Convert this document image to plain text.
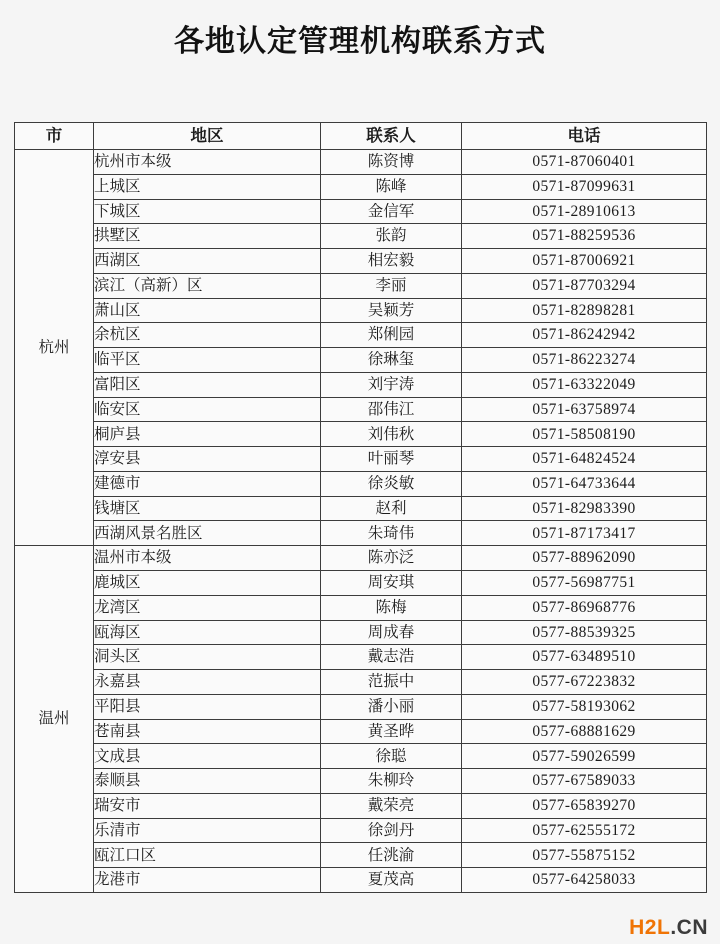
各地认定管理机构联系方式
市	地区	联系人	电话
杭州	杭州市本级	陈资博	0571-87060401
	上城区	陈峰	0571-87099631
	下城区	金信军	0571-28910613
	拱墅区	张韵	0571-88259536
	西湖区	相宏毅	0571-87006921
	滨江（高新）区	李丽	0571-87703294
	萧山区	吴颖芳	0571-82898281
	余杭区	郑俐园	0571-86242942
	临平区	徐琳玺	0571-86223274
	富阳区	刘宇涛	0571-63322049
	临安区	邵伟江	0571-63758974
	桐庐县	刘伟秋	0571-58508190
	淳安县	叶丽琴	0571-64824524
	建德市	徐炎敏	0571-64733644
	钱塘区	赵利	0571-82983390
	西湖风景名胜区	朱琦伟	0571-87173417
温州	温州市本级	陈亦泛	0577-88962090
	鹿城区	周安琪	0577-56987751
	龙湾区	陈梅	0577-86968776
	瓯海区	周成春	0577-88539325
	洞头区	戴志浩	0577-63489510
	永嘉县	范振中	0577-67223832
	平阳县	潘小丽	0577-58193062
	苍南县	黄圣晔	0577-68881629
	文成县	徐聪	0577-59026599
	泰顺县	朱柳玲	0577-67589033
	瑞安市	戴荣亮	0577-65839270
	乐清市	徐剑丹	0577-62555172
	瓯江口区	任洮渝	0577-55875152
	龙港市	夏茂高	0577-64258033
H2L.CN
